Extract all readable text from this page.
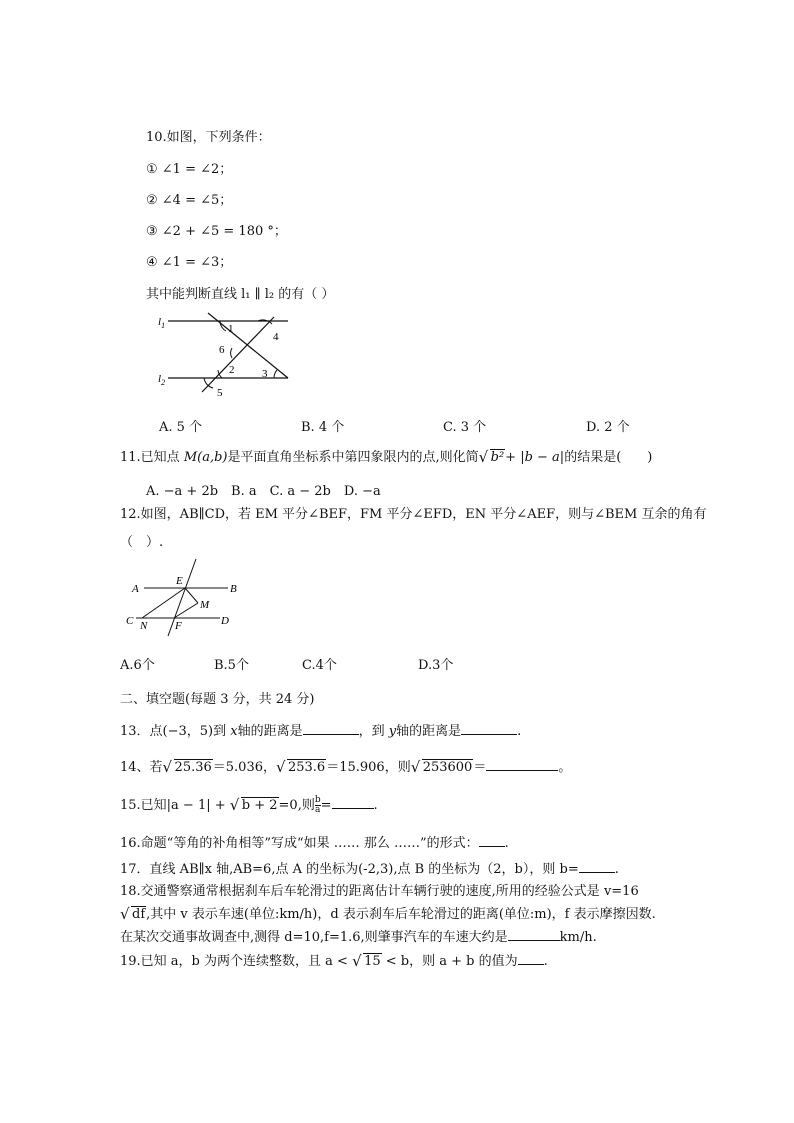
10.如图，下列条件：
① ∠1 = ∠2；
② ∠4 = ∠5；
③ ∠2 + ∠5 = 180 °；
④ ∠1 = ∠3；
其中能判断直线 l₁ ∥ l₂ 的有（ ）
$l_1$
$l_2$
1
4
6
2	3
5
A. 5 个	B. 4 个	C. 3 个	D. 2 个
11.已知点 M(a,b)是平面直角坐标系中第四象限内的点,则化简 √ b²+ |b − a|的结果是(　　)
A. −a + 2b　B. a　C. a − 2b　D. −a
12.如图，AB∥CD，若 EM 平分∠BEF，FM 平分∠EFD，EN 平分∠AEF，则与∠BEM 互余的角有
（　）.
A	B
C	D
E
F
M
N
A.6个	B.5个	C.4个	D.3个
二、填空题(每题 3 分，共 24 分)
13．点(−3，5)到 x轴的距离是	，到 y轴的距离是	.
14、若 √ 25.36＝5.036， √ 253.6＝15.906，则 √ 253600＝	。
15.已知|a − 1| + √ b + 2=0,则 $\frac{b}{a}$ =	.
16.命题“等角的补角相等”写成“如果 …… 那么 ……”的形式： .
17．直线 AB∥x 轴,AB=6,点 A 的坐标为(-2,3),点 B 的坐标为（2，b），则 b=	.
18.交通警察通常根据刹车后车轮滑过的距离估计车辆行驶的速度,所用的经验公式是 v=16
√ df,其中 v 表示车速(单位:km/h)，d 表示刹车后车轮滑过的距离(单位:m)，f 表示摩擦因数.
在某次交通事故调查中,测得 d=10,f=1.6,则肇事汽车的车速大约是	km/h.
19.已知 a，b 为两个连续整数，且 a < √ 15 < b，则 a + b 的值为 .
